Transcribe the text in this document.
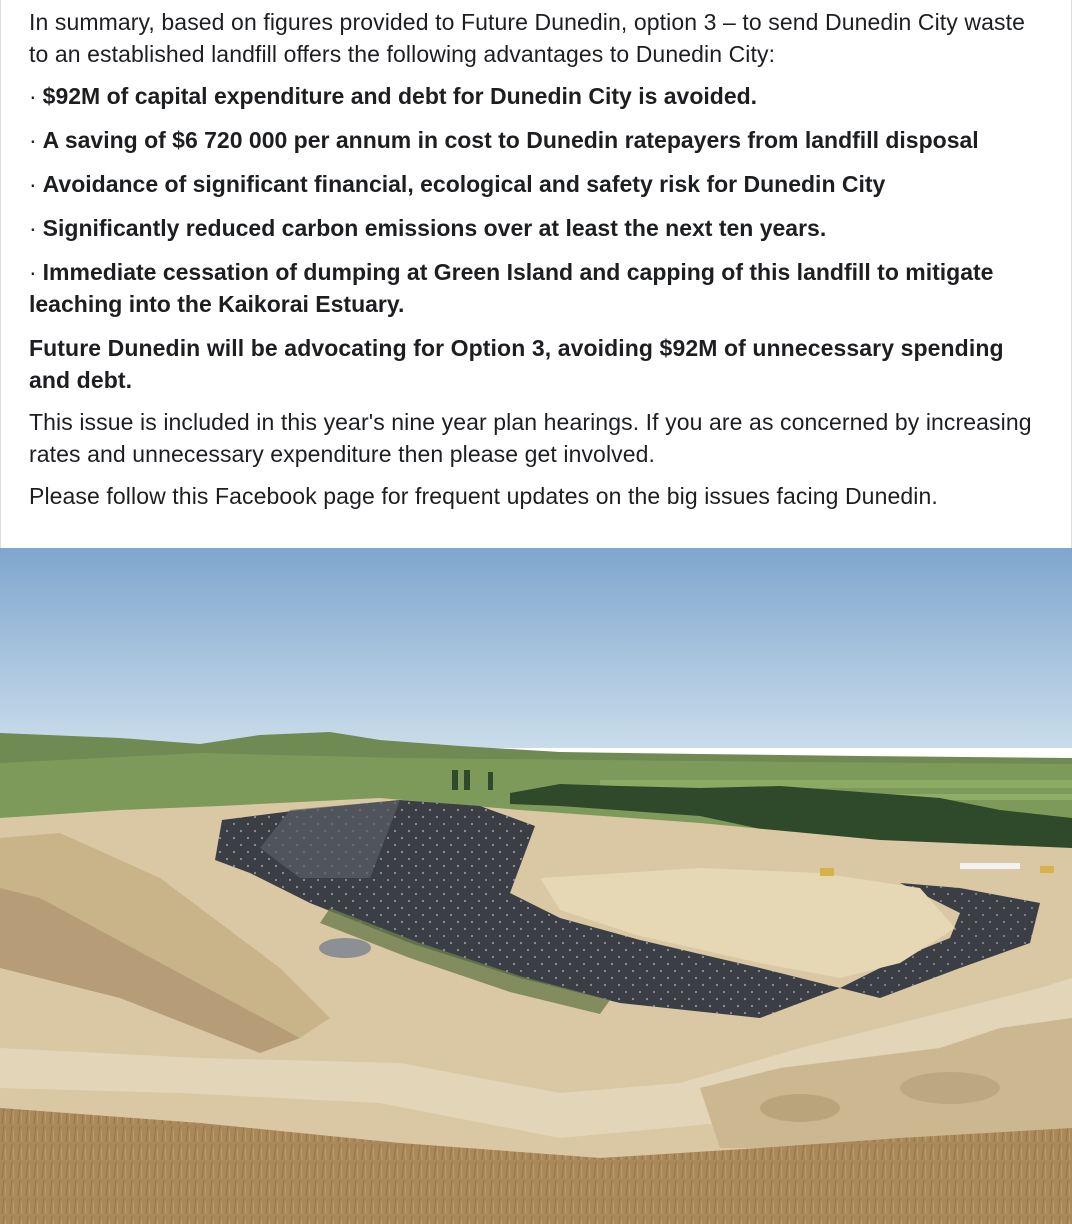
In summary, based on figures provided to Future Dunedin, option 3 – to send Dunedin City waste to an established landfill offers the following advantages to Dunedin City:

· $92M of capital expenditure and debt for Dunedin City is avoided.
· A saving of $6 720 000 per annum in cost to Dunedin ratepayers from landfill disposal
· Avoidance of significant financial, ecological and safety risk for Dunedin City
· Significantly reduced carbon emissions over at least the next ten years.
· Immediate cessation of dumping at Green Island and capping of this landfill to mitigate leaching into the Kaikorai Estuary.

Future Dunedin will be advocating for Option 3, avoiding $92M of unnecessary spending and debt.

This issue is included in this year's nine year plan hearings. If you are as concerned by increasing rates and unnecessary expenditure then please get involved.

Please follow this Facebook page for frequent updates on the big issues facing Dunedin.
